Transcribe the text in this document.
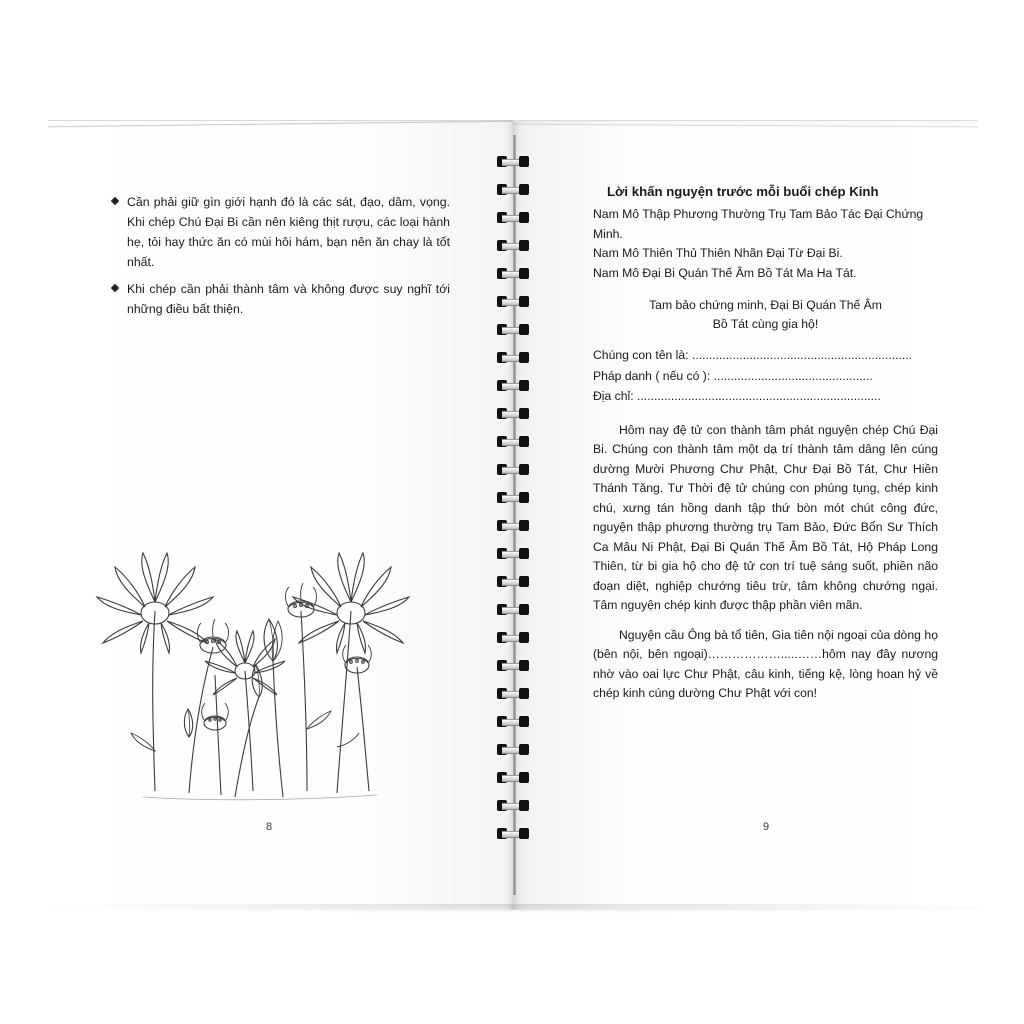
Cần phải giữ gìn giới hạnh đó là các sát, đạo, dâm, vọng. Khi chép Chú Đại Bi cần nên kiêng thịt rượu, các loại hành hẹ, tỏi hay thức ăn có mùi hôi hám, bạn nên ăn chay là tốt nhất.
Khi chép cần phải thành tâm và không được suy nghĩ tới những điều bất thiện.
8
Lời khấn nguyện trước mỗi buổi chép Kinh
Nam Mô Thập Phương Thường Trụ Tam Bảo Tác Đại Chứng Minh.
Nam Mô Thiên Thủ Thiên Nhãn Đại Từ Đại Bi.
Nam Mô Đại Bi Quán Thế Âm Bồ Tát Ma Ha Tát.
Tam bảo chứng minh, Đại Bi Quán Thế Âm
Bồ Tát cùng gia hộ!
Chúng con tên là: .................................................................
Pháp danh ( nếu có ): ...............................................
Địa chỉ: ........................................................................
Hôm nay đệ tử con thành tâm phát nguyện chép Chú Đại Bi. Chúng con thành tâm một dạ trí thành tâm dâng lên cúng dường Mười Phương Chư Phật, Chư Đại Bồ Tát, Chư Hiền Thánh Tăng. Tư Thời đệ tử chúng con phúng tụng, chép kinh chú, xưng tán hồng danh tập thứ bòn mót chút công đức, nguyện thập phương thường trụ Tam Bảo, Đức Bổn Sư Thích Ca Mâu Ni Phật, Đại Bi Quán Thế Âm Bồ Tát, Hộ Pháp Long Thiên, từ bi gia hộ cho đệ tử con trí tuệ sáng suốt, phiền não đoạn diệt, nghiệp chướng tiêu trừ, tâm không chướng ngại. Tâm nguyện chép kinh được thập phần viên mãn.
Nguyện cầu Ông bà tổ tiên, Gia tiên nội ngoại của dòng họ (bên nội, bên ngoại)……………….....……hôm nay đây nương nhờ vào oai lực Chư Phật, câu kinh, tiếng kệ, lòng hoan hỷ về chép kinh cúng dường Chư Phật với con!
9
